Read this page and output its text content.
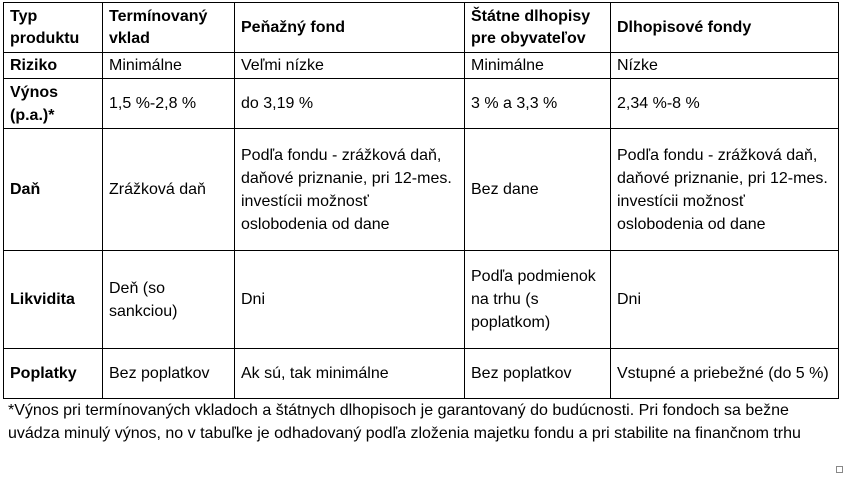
Typ produktu	Termínovaný vklad	Peňažný fond	Štátne dlhopisy pre obyvateľov	Dlhopisové fondy
Riziko	Minimálne	Veľmi nízke	Minimálne	Nízke
Výnos (p.a.)*	1,5 %-2,8 %	do 3,19 %	3 % a 3,3 %	2,34 %-8 %
Daň	Zrážková daň	Podľa fondu - zrážková daň, daňové priznanie, pri 12-mes. investícii možnosť oslobodenia od dane	Bez dane	Podľa fondu - zrážková daň, daňové priznanie, pri 12-mes. investícii možnosť oslobodenia od dane
Likvidita	Deň (so sankciou)	Dni	Podľa podmienok na trhu (s poplatkom)	Dni
Poplatky	Bez poplatkov	Ak sú, tak minimálne	Bez poplatkov	Vstupné a priebežné (do 5 %)
*Výnos pri termínovaných vkladoch a štátnych dlhopisoch je garantovaný do budúcnosti. Pri fondoch sa bežne uvádza minulý výnos, no v tabuľke je odhadovaný podľa zloženia majetku fondu a pri stabilite na finančnom trhu
